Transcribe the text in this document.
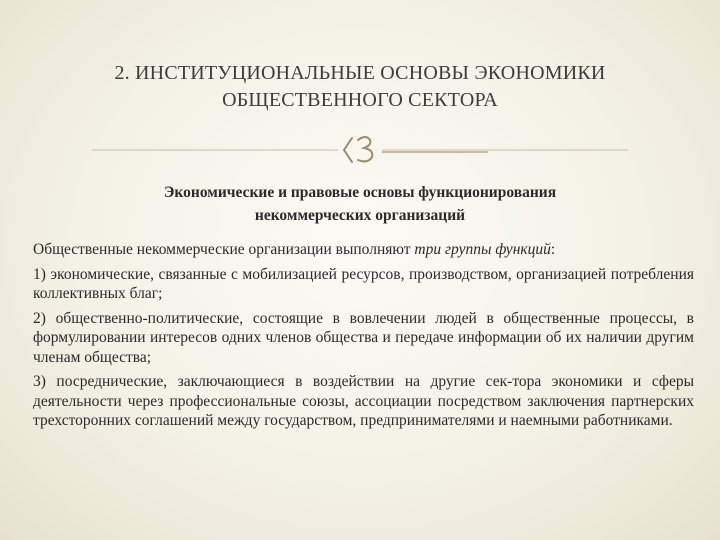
2. ИНСТИТУЦИОНАЛЬНЫЕ ОСНОВЫ ЭКОНОМИКИ
ОБЩЕСТВЕННОГО СЕКТОРА
Экономические и правовые основы функционирования
некоммерческих организаций

Общественные некоммерческие организации выполняют три группы функций:

1) экономические, связанные с мобилизацией ресурсов, производством, организацией потребления коллективных благ;

2) общественно-политические, состоящие в вовлечении людей в общественные процессы, в формулировании интересов одних членов общества и передаче информации об их наличии другим членам общества;

3) посреднические, заключающиеся в воздействии на другие сек-тора экономики и сферы деятельности через профессиональные союзы, ассоциации посредством заключения партнерских трехсторонних соглашений между государством, предпринимателями и наемными работниками.
